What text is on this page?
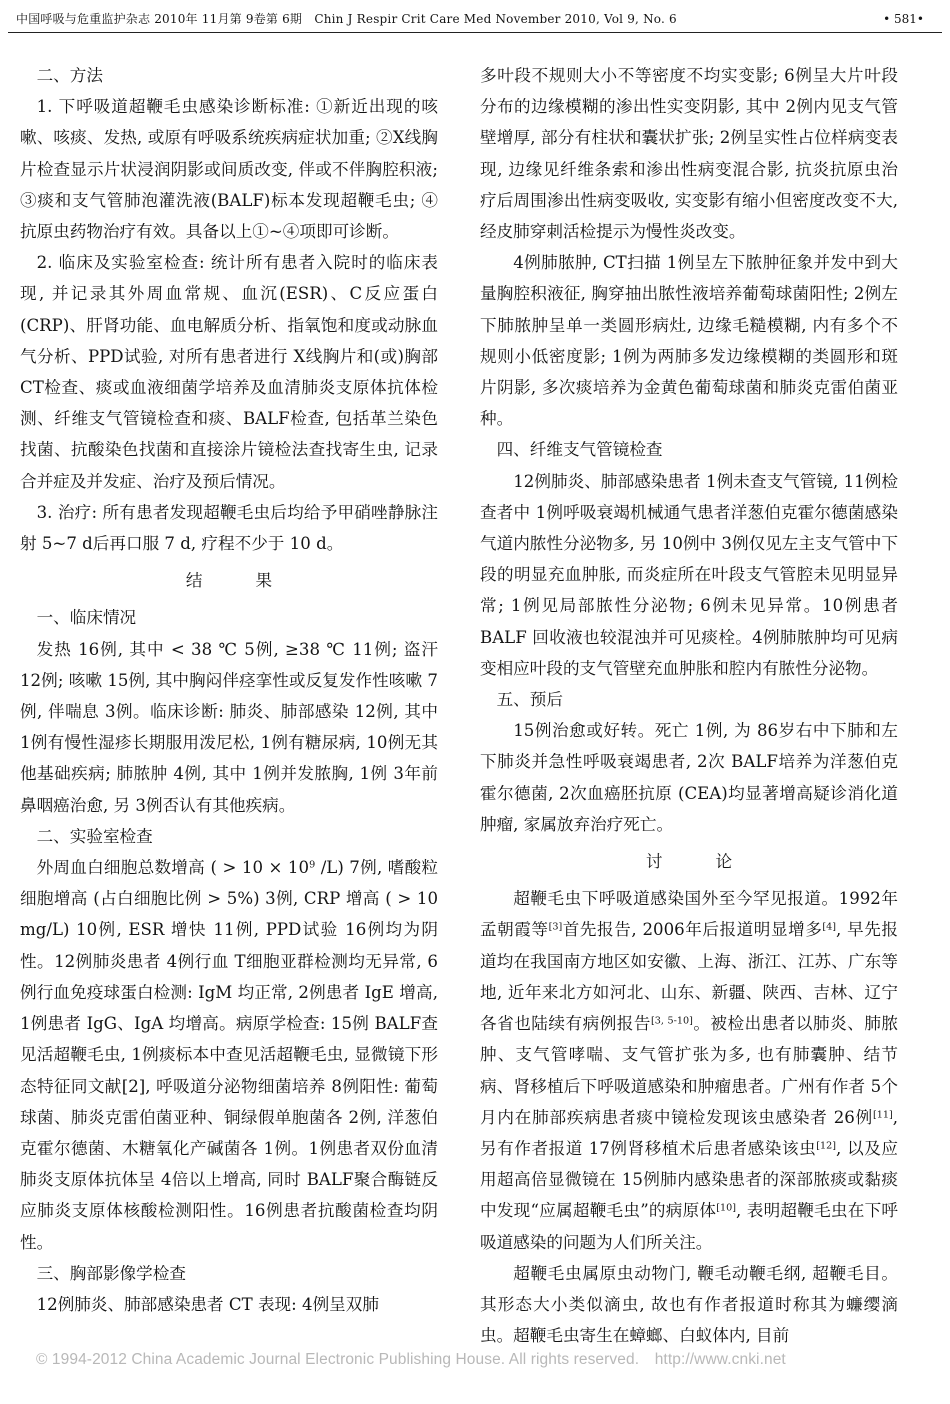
中国呼吸与危重监护杂志 2010年 11月第 9卷第 6期　Chin J Respir Crit Care Med November 2010, Vol 9, No. 6	• 581•

二、方法

1. 下呼吸道超鞭毛虫感染诊断标准: ①新近出现的咳嗽、咳痰、发热, 或原有呼吸系统疾病症状加重; ②X线胸片检查显示片状浸润阴影或间质改变, 伴或不伴胸腔积液; ③痰和支气管肺泡灌洗液(BALF)标本发现超鞭毛虫; ④抗原虫药物治疗有效。具备以上①~④项即可诊断。

2. 临床及实验室检查: 统计所有患者入院时的临床表现, 并记录其外周血常规、血沉(ESR)、C反应蛋白(CRP)、肝肾功能、血电解质分析、指氧饱和度或动脉血气分析、PPD试验, 对所有患者进行 X线胸片和(或)胸部 CT检查、痰或血液细菌学培养及血清肺炎支原体抗体检测、纤维支气管镜检查和痰、BALF检查, 包括革兰染色找菌、抗酸染色找菌和直接涂片镜检法查找寄生虫, 记录合并症及并发症、治疗及预后情况。

3. 治疗: 所有患者发现超鞭毛虫后均给予甲硝唑静脉注射 5~7 d后再口服 7 d, 疗程不少于 10 d。

结果

一、临床情况

发热 16例, 其中 < 38 ℃ 5例, ≥38 ℃ 11例; 盗汗 12例; 咳嗽 15例, 其中胸闷伴痉挛性或反复发作性咳嗽 7例, 伴喘息 3例。临床诊断: 肺炎、肺部感染 12例, 其中 1例有慢性湿疹长期服用泼尼松, 1例有糖尿病, 10例无其他基础疾病; 肺脓肿 4例, 其中 1例并发脓胸, 1例 3年前鼻咽癌治愈, 另 3例否认有其他疾病。

二、实验室检查

外周血白细胞总数增高 ( > $10 \times 10^9$ /L) 7例, 嗜酸粒细胞增高 (占白细胞比例 > 5%) 3例, CRP 增高 ( > 10 mg/L) 10例, ESR 增快 11例, PPD试验 16例均为阴性。12例肺炎患者 4例行血 T细胞亚群检测均无异常, 6例行血免疫球蛋白检测: IgM 均正常, 2例患者 IgE 增高, 1例患者 IgG、IgA 均增高。病原学检查: 15例 BALF查见活超鞭毛虫, 1例痰标本中查见活超鞭毛虫, 显微镜下形态特征同文献[2], 呼吸道分泌物细菌培养 8例阳性: 葡萄球菌、肺炎克雷伯菌亚种、铜绿假单胞菌各 2例, 洋葱伯克霍尔德菌、木糖氧化产碱菌各 1例。1例患者双份血清肺炎支原体抗体呈 4倍以上增高, 同时 BALF聚合酶链反应肺炎支原体核酸检测阳性。16例患者抗酸菌检查均阴性。

三、胸部影像学检查

12例肺炎、肺部感染患者 CT 表现: 4例呈双肺

多叶段不规则大小不等密度不均实变影; 6例呈大片叶段分布的边缘模糊的渗出性实变阴影, 其中 2例内见支气管壁增厚, 部分有柱状和囊状扩张; 2例呈实性占位样病变表现, 边缘见纤维条索和渗出性病变混合影, 抗炎抗原虫治疗后周围渗出性病变吸收, 实变影有缩小但密度改变不大, 经皮肺穿刺活检提示为慢性炎改变。

4例肺脓肿, CT扫描 1例呈左下脓肿征象并发中到大量胸腔积液征, 胸穿抽出脓性液培养葡萄球菌阳性; 2例左下肺脓肿呈单一类圆形病灶, 边缘毛糙模糊, 内有多个不规则小低密度影; 1例为两肺多发边缘模糊的类圆形和斑片阴影, 多次痰培养为金黄色葡萄球菌和肺炎克雷伯菌亚种。

四、纤维支气管镜检查

12例肺炎、肺部感染患者 1例未查支气管镜, 11例检查者中 1例呼吸衰竭机械通气患者洋葱伯克霍尔德菌感染气道内脓性分泌物多, 另 10例中 3例仅见左主支气管中下段的明显充血肿胀, 而炎症所在叶段支气管腔未见明显异常; 1例见局部脓性分泌物; 6例未见异常。10例患者 BALF 回收液也较混浊并可见痰栓。4例肺脓肿均可见病变相应叶段的支气管壁充血肿胀和腔内有脓性分泌物。

五、预后

15例治愈或好转。死亡 1例, 为 86岁右中下肺和左下肺炎并急性呼吸衰竭患者, 2次 BALF培养为洋葱伯克霍尔德菌, 2次血癌胚抗原 (CEA)均显著增高疑诊消化道肿瘤, 家属放弃治疗死亡。

讨论

超鞭毛虫下呼吸道感染国外至今罕见报道。1992年孟朝霞等[3]首先报告, 2006年后报道明显增多[4], 早先报道均在我国南方地区如安徽、上海、浙江、江苏、广东等地, 近年来北方如河北、山东、新疆、陕西、吉林、辽宁各省也陆续有病例报告[3, 5-10]。被检出患者以肺炎、肺脓肿、支气管哮喘、支气管扩张为多, 也有肺囊肿、结节病、肾移植后下呼吸道感染和肿瘤患者。广州有作者 5个月内在肺部疾病患者痰中镜检发现该虫感染者 26例[11], 另有作者报道 17例肾移植术后患者感染该虫[12], 以及应用超高倍显微镜在 15例肺内感染患者的深部脓痰或黏痰中发现“应属超鞭毛虫”的病原体[10], 表明超鞭毛虫在下呼吸道感染的问题为人们所关注。

超鞭毛虫属原虫动物门, 鞭毛动鞭毛纲, 超鞭毛目。其形态大小类似滴虫, 故也有作者报道时称其为蠊缨滴虫。超鞭毛虫寄生在蟑螂、白蚁体内, 目前

© 1994-2012 China Academic Journal Electronic Publishing House. All rights reserved.　http://www.cnki.net
